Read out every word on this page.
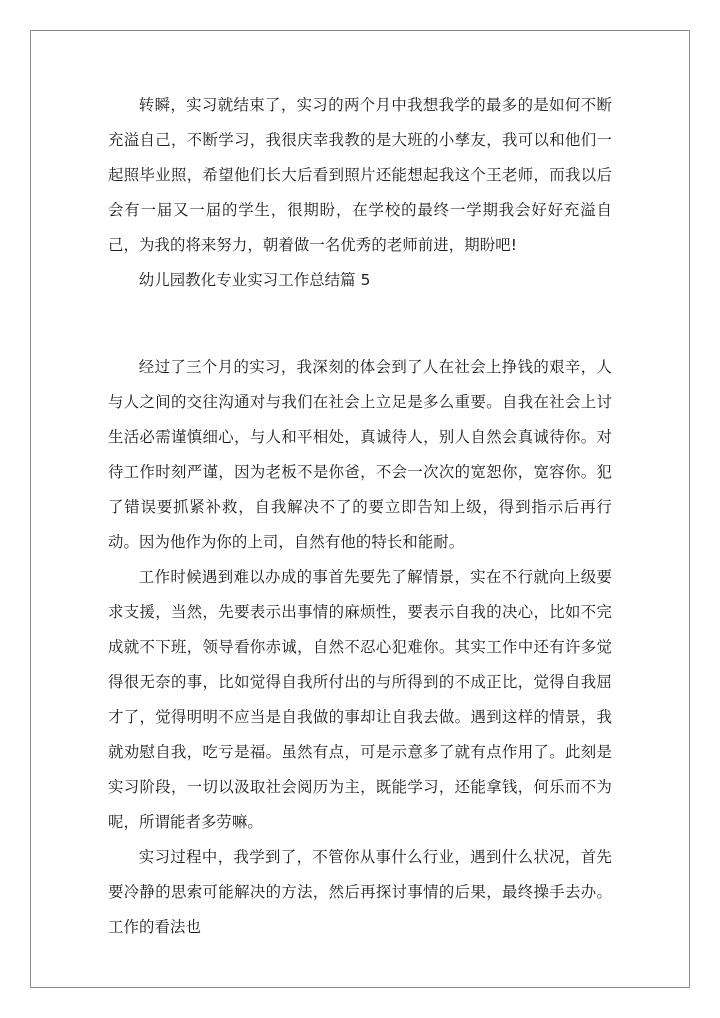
转瞬，实习就结束了，实习的两个月中我想我学的最多的是如何不断充溢自己，不断学习，我很庆幸我教的是大班的小孳友，我可以和他们一起照毕业照，希望他们长大后看到照片还能想起我这个王老师，而我以后会有一届又一届的学生，很期盼，在学校的最终一学期我会好好充溢自己，为我的将来努力，朝着做一名优秀的老师前进，期盼吧!

幼儿园教化专业实习工作总结篇 5

经过了三个月的实习，我深刻的体会到了人在社会上挣钱的艰辛，人与人之间的交往沟通对与我们在社会上立足是多么重要。自我在社会上讨生活必需谨慎细心，与人和平相处，真诚待人，别人自然会真诚待你。对待工作时刻严谨，因为老板不是你爸，不会一次次的宽恕你，宽容你。犯了错误要抓紧补救，自我解决不了的要立即告知上级，得到指示后再行动。因为他作为你的上司，自然有他的特长和能耐。

工作时候遇到难以办成的事首先要先了解情景，实在不行就向上级要求支援，当然，先要表示出事情的麻烦性，要表示自我的决心，比如不完成就不下班，领导看你赤诚，自然不忍心犯难你。其实工作中还有许多觉得很无奈的事，比如觉得自我所付出的与所得到的不成正比，觉得自我屈才了，觉得明明不应当是自我做的事却让自我去做。遇到这样的情景，我就劝慰自我，吃亏是福。虽然有点，可是示意多了就有点作用了。此刻是实习阶段，一切以汲取社会阅历为主，既能学习，还能拿钱，何乐而不为呢，所谓能者多劳嘛。

实习过程中，我学到了，不管你从事什么行业，遇到什么状况，首先要冷静的思索可能解决的方法，然后再探讨事情的后果，最终操手去办。工作的看法也
